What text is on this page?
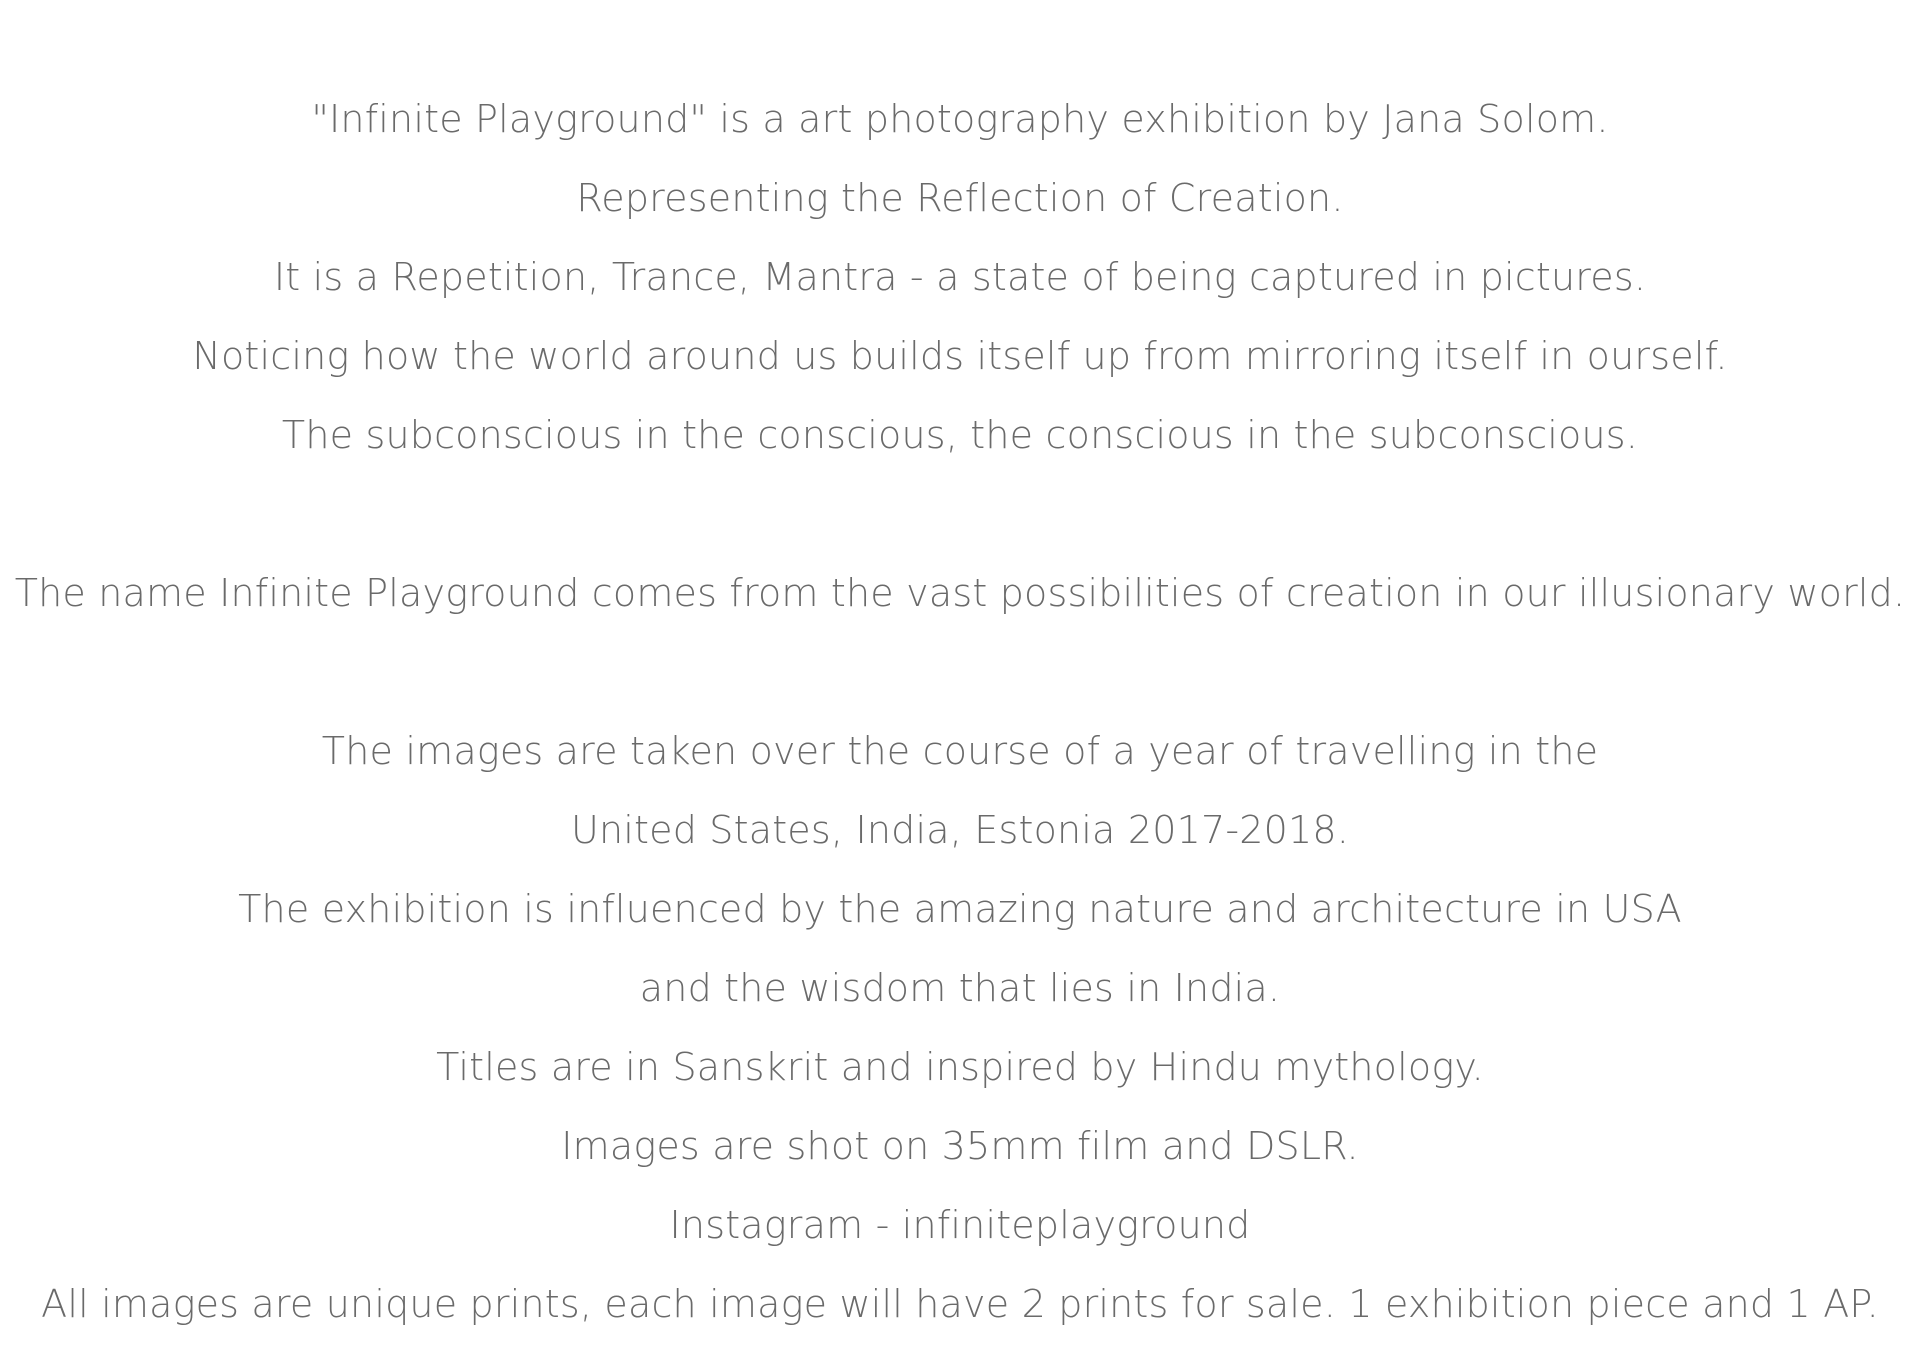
"Infinite Playground" is a art photography exhibition by Jana Solom.
Representing the Reflection of Creation.
It is a Repetition, Trance, Mantra - a state of being captured in pictures.
Noticing how the world around us builds itself up from mirroring itself in ourself.
The subconscious in the conscious, the conscious in the subconscious.
The name Infinite Playground comes from the vast possibilities of creation in our illusionary world.
The images are taken over the course of a year of travelling in the
United States, India, Estonia 2017-2018.
The exhibition is influenced by the amazing nature and architecture in USA
and the wisdom that lies in India.
Titles are in Sanskrit and inspired by Hindu mythology.
Images are shot on 35mm film and DSLR.
Instagram - infiniteplayground
All images are unique prints, each image will have 2 prints for sale. 1 exhibition piece and 1 AP.
